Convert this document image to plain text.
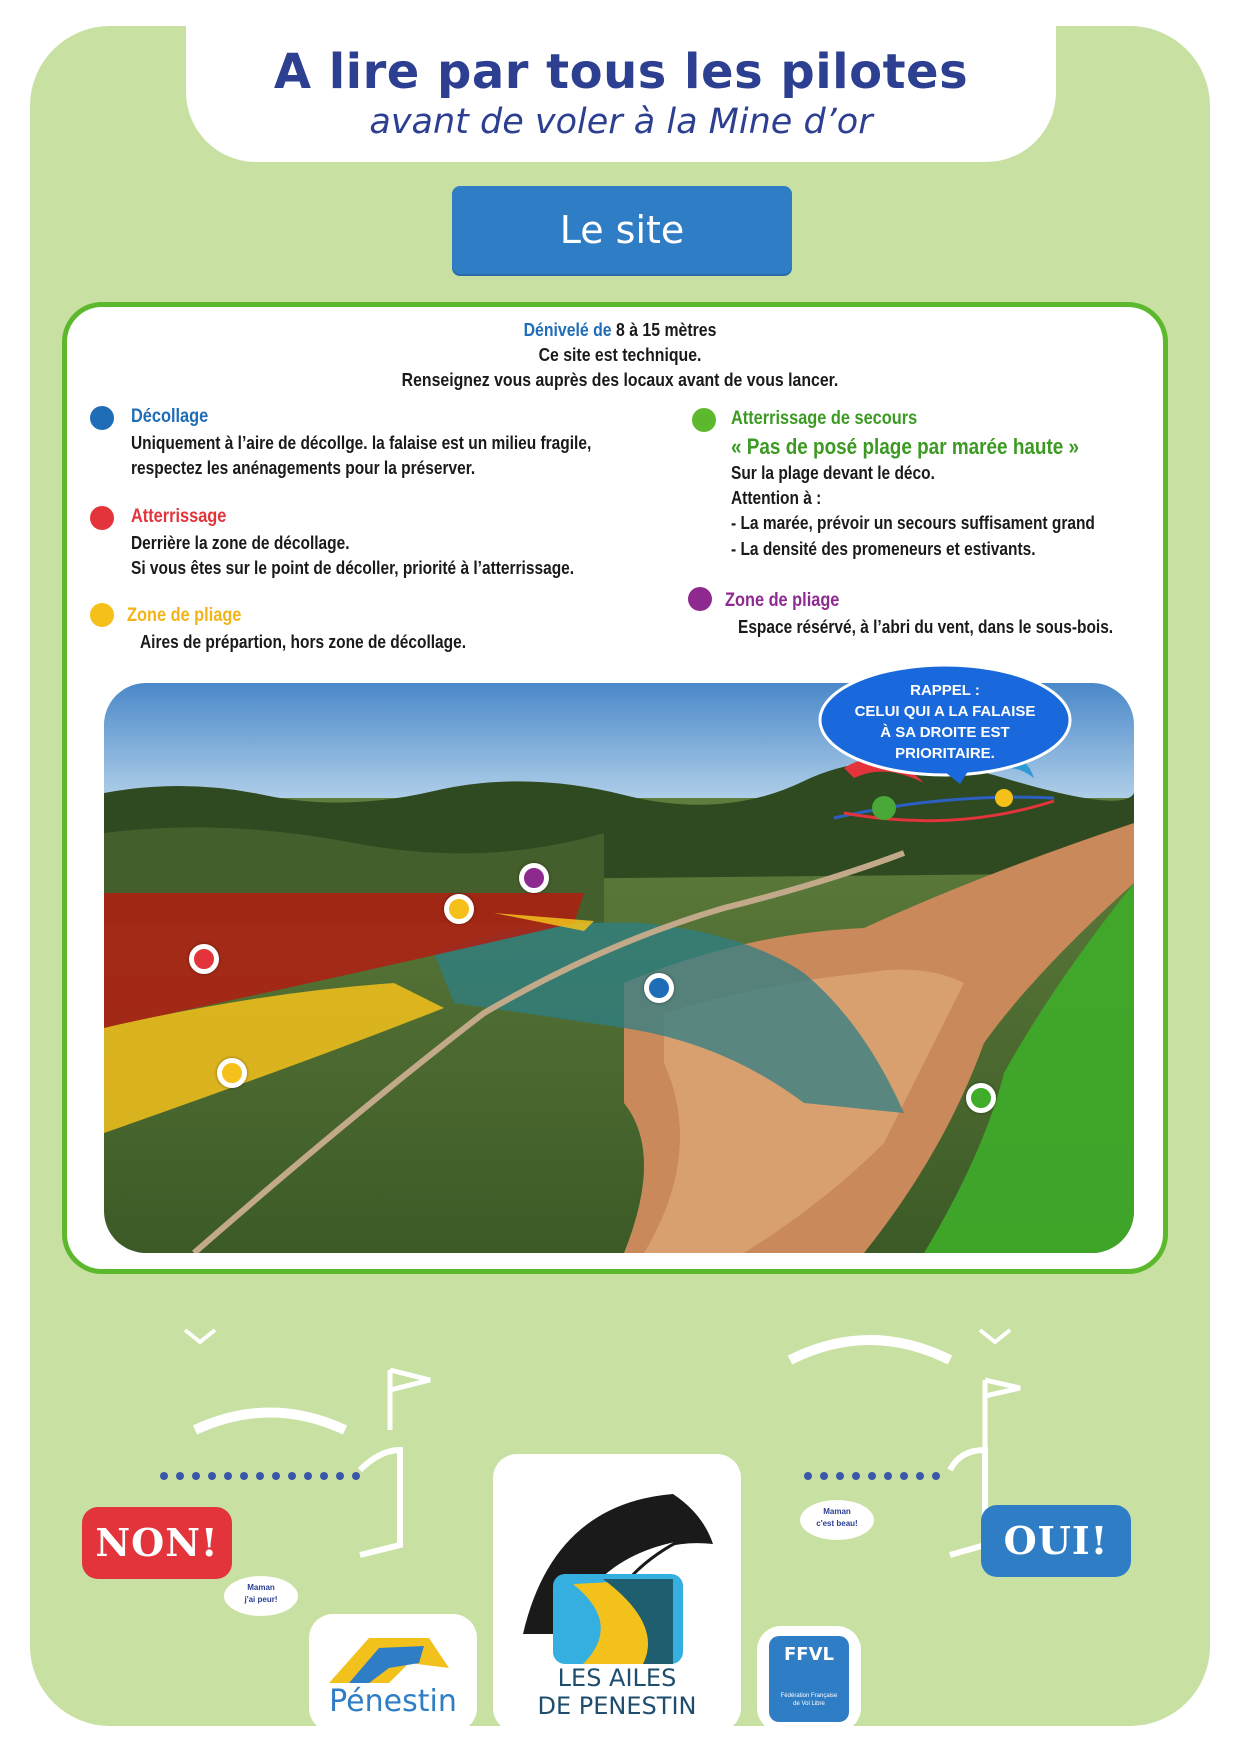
A lire par tous les pilotes
avant de voler à la Mine d’or
Le site
Dénivelé de 8 à 15 mètres
Ce site est technique.
Renseignez vous auprès des locaux avant de vous lancer.
Décollage
Uniquement à l’aire de décollge. la falaise est un milieu fragile,
respectez les anénagements pour la préserver.
Atterrissage
Derrière la zone de décollage.
Si vous êtes sur le point de décoller, priorité à l’atterrissage.
Zone de pliage
Aires de prépartion, hors zone de décollage.
Atterrissage de secours
« Pas de posé plage par marée haute »
Sur la plage devant le déco.
Attention à :
- La marée, prévoir un secours suffisament grand
- La densité des promeneurs et estivants.
Zone de pliage
Espace résérvé, à l’abri du vent, dans le sous-bois.
RAPPEL :
CELUI QUI A LA FALAISE
À SA DROITE EST
PRIORITAIRE.
NON!	OUI!
Maman
j'ai peur!
Maman
c'est beau!
Pénestin
LES AILES
DE PENESTIN
FFVL
Fédération Française
de Vol Libre
